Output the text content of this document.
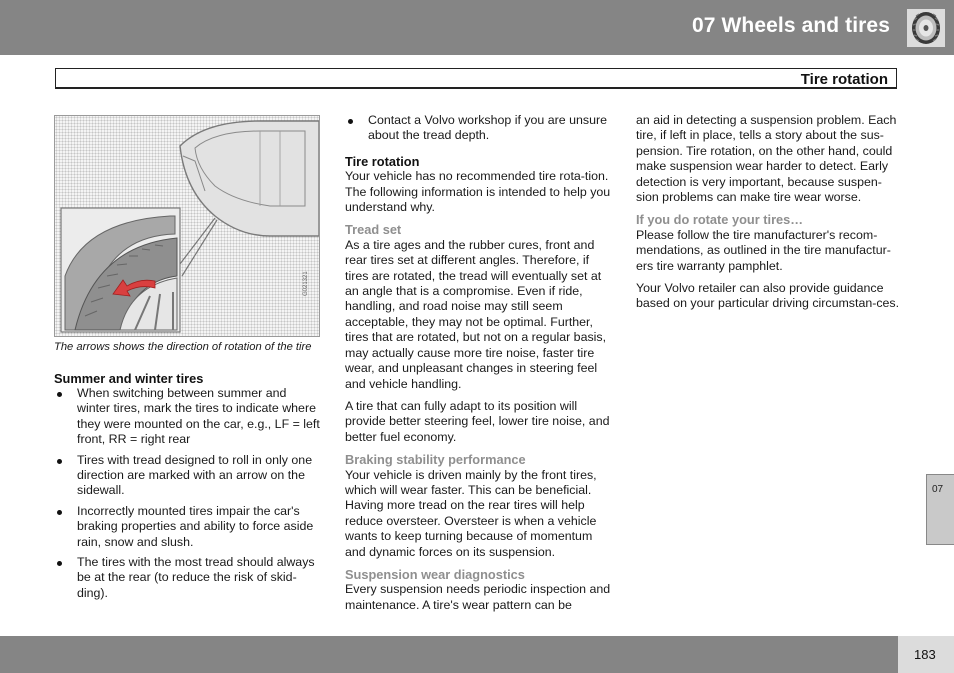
07 Wheels and tires
Tire rotation
G021321
The arrows shows the direction of rotation of the tire
Summer and winter tires
When switching between summer and winter tires, mark the tires to indicate where they were mounted on the car, e.g., LF = left front, RR = right rear
Tires with tread designed to roll in only one direction are marked with an arrow on the sidewall.
Incorrectly mounted tires impair the car's braking properties and ability to force aside rain, snow and slush.
The tires with the most tread should always be at the rear (to reduce the risk of skid-ding).
Contact a Volvo workshop if you are unsure about the tread depth.
Tire rotation

Your vehicle has no recommended tire rota-tion. The following information is intended to help you understand why.

Tread set

As a tire ages and the rubber cures, front and rear tires set at different angles. Therefore, if tires are rotated, the tread will eventually set at an angle that is a compromise. Even if ride, handling, and road noise may still seem acceptable, they may not be optimal. Further, tires that are rotated, but not on a regular basis, may actually cause more tire noise, faster tire wear, and unpleasant changes in steering feel and vehicle handling.

A tire that can fully adapt to its position will provide better steering feel, lower tire noise, and better fuel economy.

Braking stability performance

Your vehicle is driven mainly by the front tires, which will wear faster. This can be beneficial. Having more tread on the rear tires will help reduce oversteer. Oversteer is when a vehicle wants to keep turning because of momentum and dynamic forces on its suspension.

Suspension wear diagnostics

Every suspension needs periodic inspection and maintenance. A tire's wear pattern can be

an aid in detecting a suspension problem. Each tire, if left in place, tells a story about the sus-pension. Tire rotation, on the other hand, could make suspension wear harder to detect. Early detection is very important, because suspen-sion problems can make tire wear worse.

If you do rotate your tires…

Please follow the tire manufacturer's recom-mendations, as outlined in the tire manufactur-ers tire warranty pamphlet.

Your Volvo retailer can also provide guidance based on your particular driving circumstan-ces.

07
183
